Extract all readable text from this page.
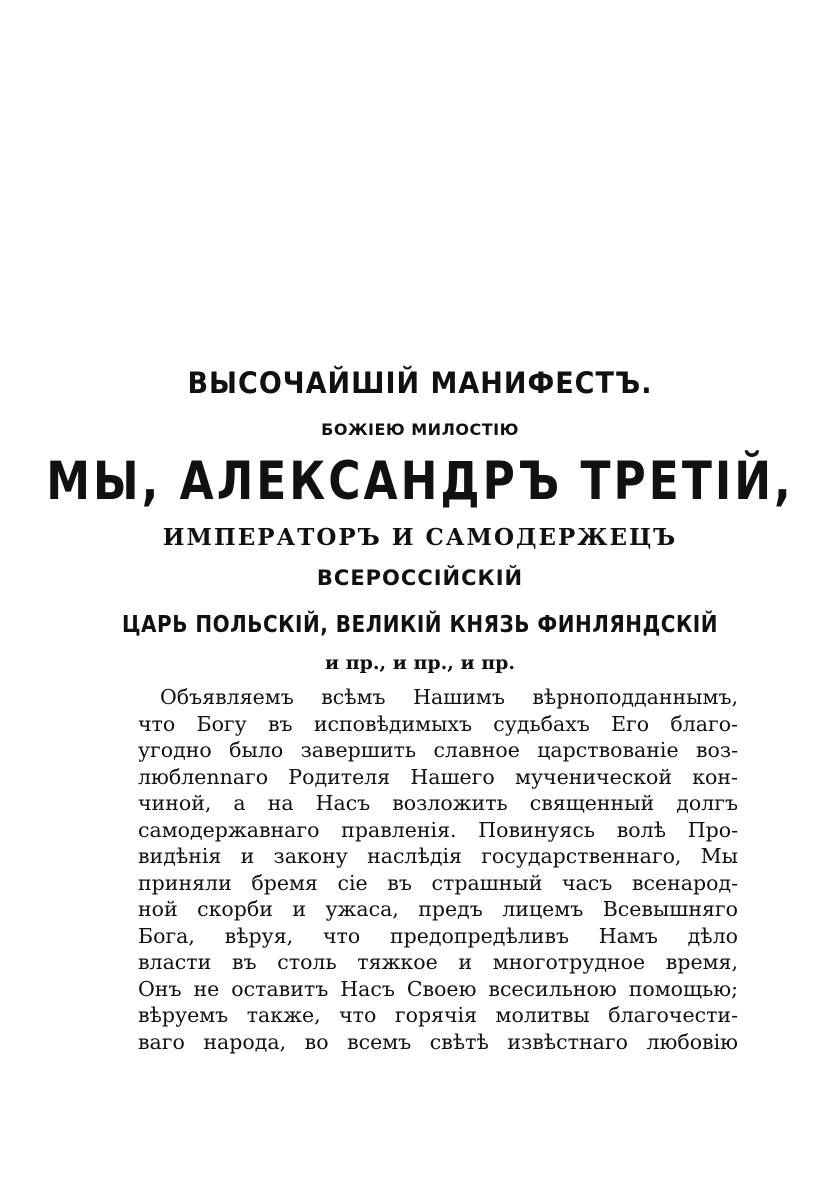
ВЫСОЧАЙШІЙ МАНИФЕСТЪ.
БОЖІЕЮ МИЛОСТІЮ
МЫ, АЛЕКСАНДРЪ ТРЕТІЙ,
ИМПЕРАТОРЪ И САМОДЕРЖЕЦЪ
ВСЕРОССІЙСКІЙ
ЦАРЬ ПОЛЬСКІЙ, ВЕЛИКІЙ КНЯЗЬ ФИНЛЯНДСКІЙ
и пр., и пр., и пр.
Объявляемъ всѣмъ Нашимъ вѣрноподданнымъ,
что Богу въ исповѣдимыхъ судьбахъ Его благо-
угодно было завершить славное царствованіе воз-
люблennаго Родителя Нашего мученической кон-
чиной, а на Насъ возложить священный долгъ
самодержавнаго правленія. Повинуясь волѣ Про-
видѣнія и закону наслѣдія государственнаго, Мы
приняли бремя сіе въ страшный часъ всенарод-
ной скорби и ужаса, предъ лицемъ Всевышняго
Бога, вѣруя, что предопредѣливъ Намъ дѣло
власти въ столь тяжкое и многотрудное время,
Онъ не оставитъ Насъ Своею всесильною помощью;
вѣруемъ также, что горячія молитвы благочести-
ваго народа, во всемъ свѣтѣ извѣстнаго любовію
